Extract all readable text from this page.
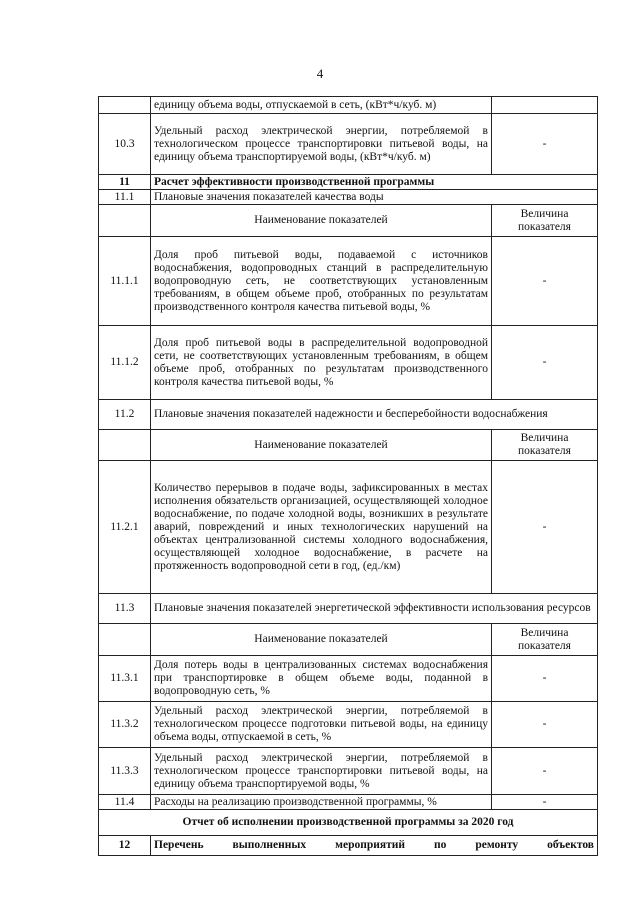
4
	единицу объема воды, отпускаемой в сеть, (кВт*ч/куб. м)	
10.3	Удельный расход электрической энергии, потребляемой в технологическом процессе транспортировки питьевой воды, на единицу объема транспортируемой воды, (кВт*ч/куб. м)	-
11	Расчет эффективности производственной программы	
11.1	Плановые значения показателей качества воды	
	Наименование показателей	Величина показателя
11.1.1	Доля проб питьевой воды, подаваемой с источников водоснабжения, водопроводных станций в распределительную водопроводную сеть, не соответствующих установленным требованиям, в общем объеме проб, отобранных по результатам производственного контроля качества питьевой воды, %	-
11.1.2	Доля проб питьевой воды в распределительной водопроводной сети, не соответствующих установленным требованиям, в общем объеме проб, отобранных по результатам производственного контроля качества питьевой воды, %	-
11.2	Плановые значения показателей надежности и бесперебойности водоснабжения	
	Наименование показателей	Величина показателя
11.2.1	Количество перерывов в подаче воды, зафиксированных в местах исполнения обязательств организацией, осуществляющей холодное водоснабжение, по подаче холодной воды, возникших в результате аварий, повреждений и иных технологических нарушений на объектах централизованной системы холодного водоснабжения, осуществляющей холодное водоснабжение, в расчете на протяженность водопроводной сети в год, (ед./км)	-
11.3	Плановые значения показателей энергетической эффективности использования ресурсов	
	Наименование показателей	Величина показателя
11.3.1	Доля потерь воды в централизованных системах водоснабжения при транспортировке в общем объеме воды, поданной в водопроводную сеть, %	-
11.3.2	Удельный расход электрической энергии, потребляемой в технологическом процессе подготовки питьевой воды, на единицу объема воды, отпускаемой в сеть, %	-
11.3.3	Удельный расход электрической энергии, потребляемой в технологическом процессе транспортировки питьевой воды, на единицу объема транспортируемой воды, %	-
11.4	Расходы на реализацию производственной программы, %	-
Отчет об исполнении производственной программы за 2020 год		
12	Перечень выполненных мероприятий по ремонту объектов	
